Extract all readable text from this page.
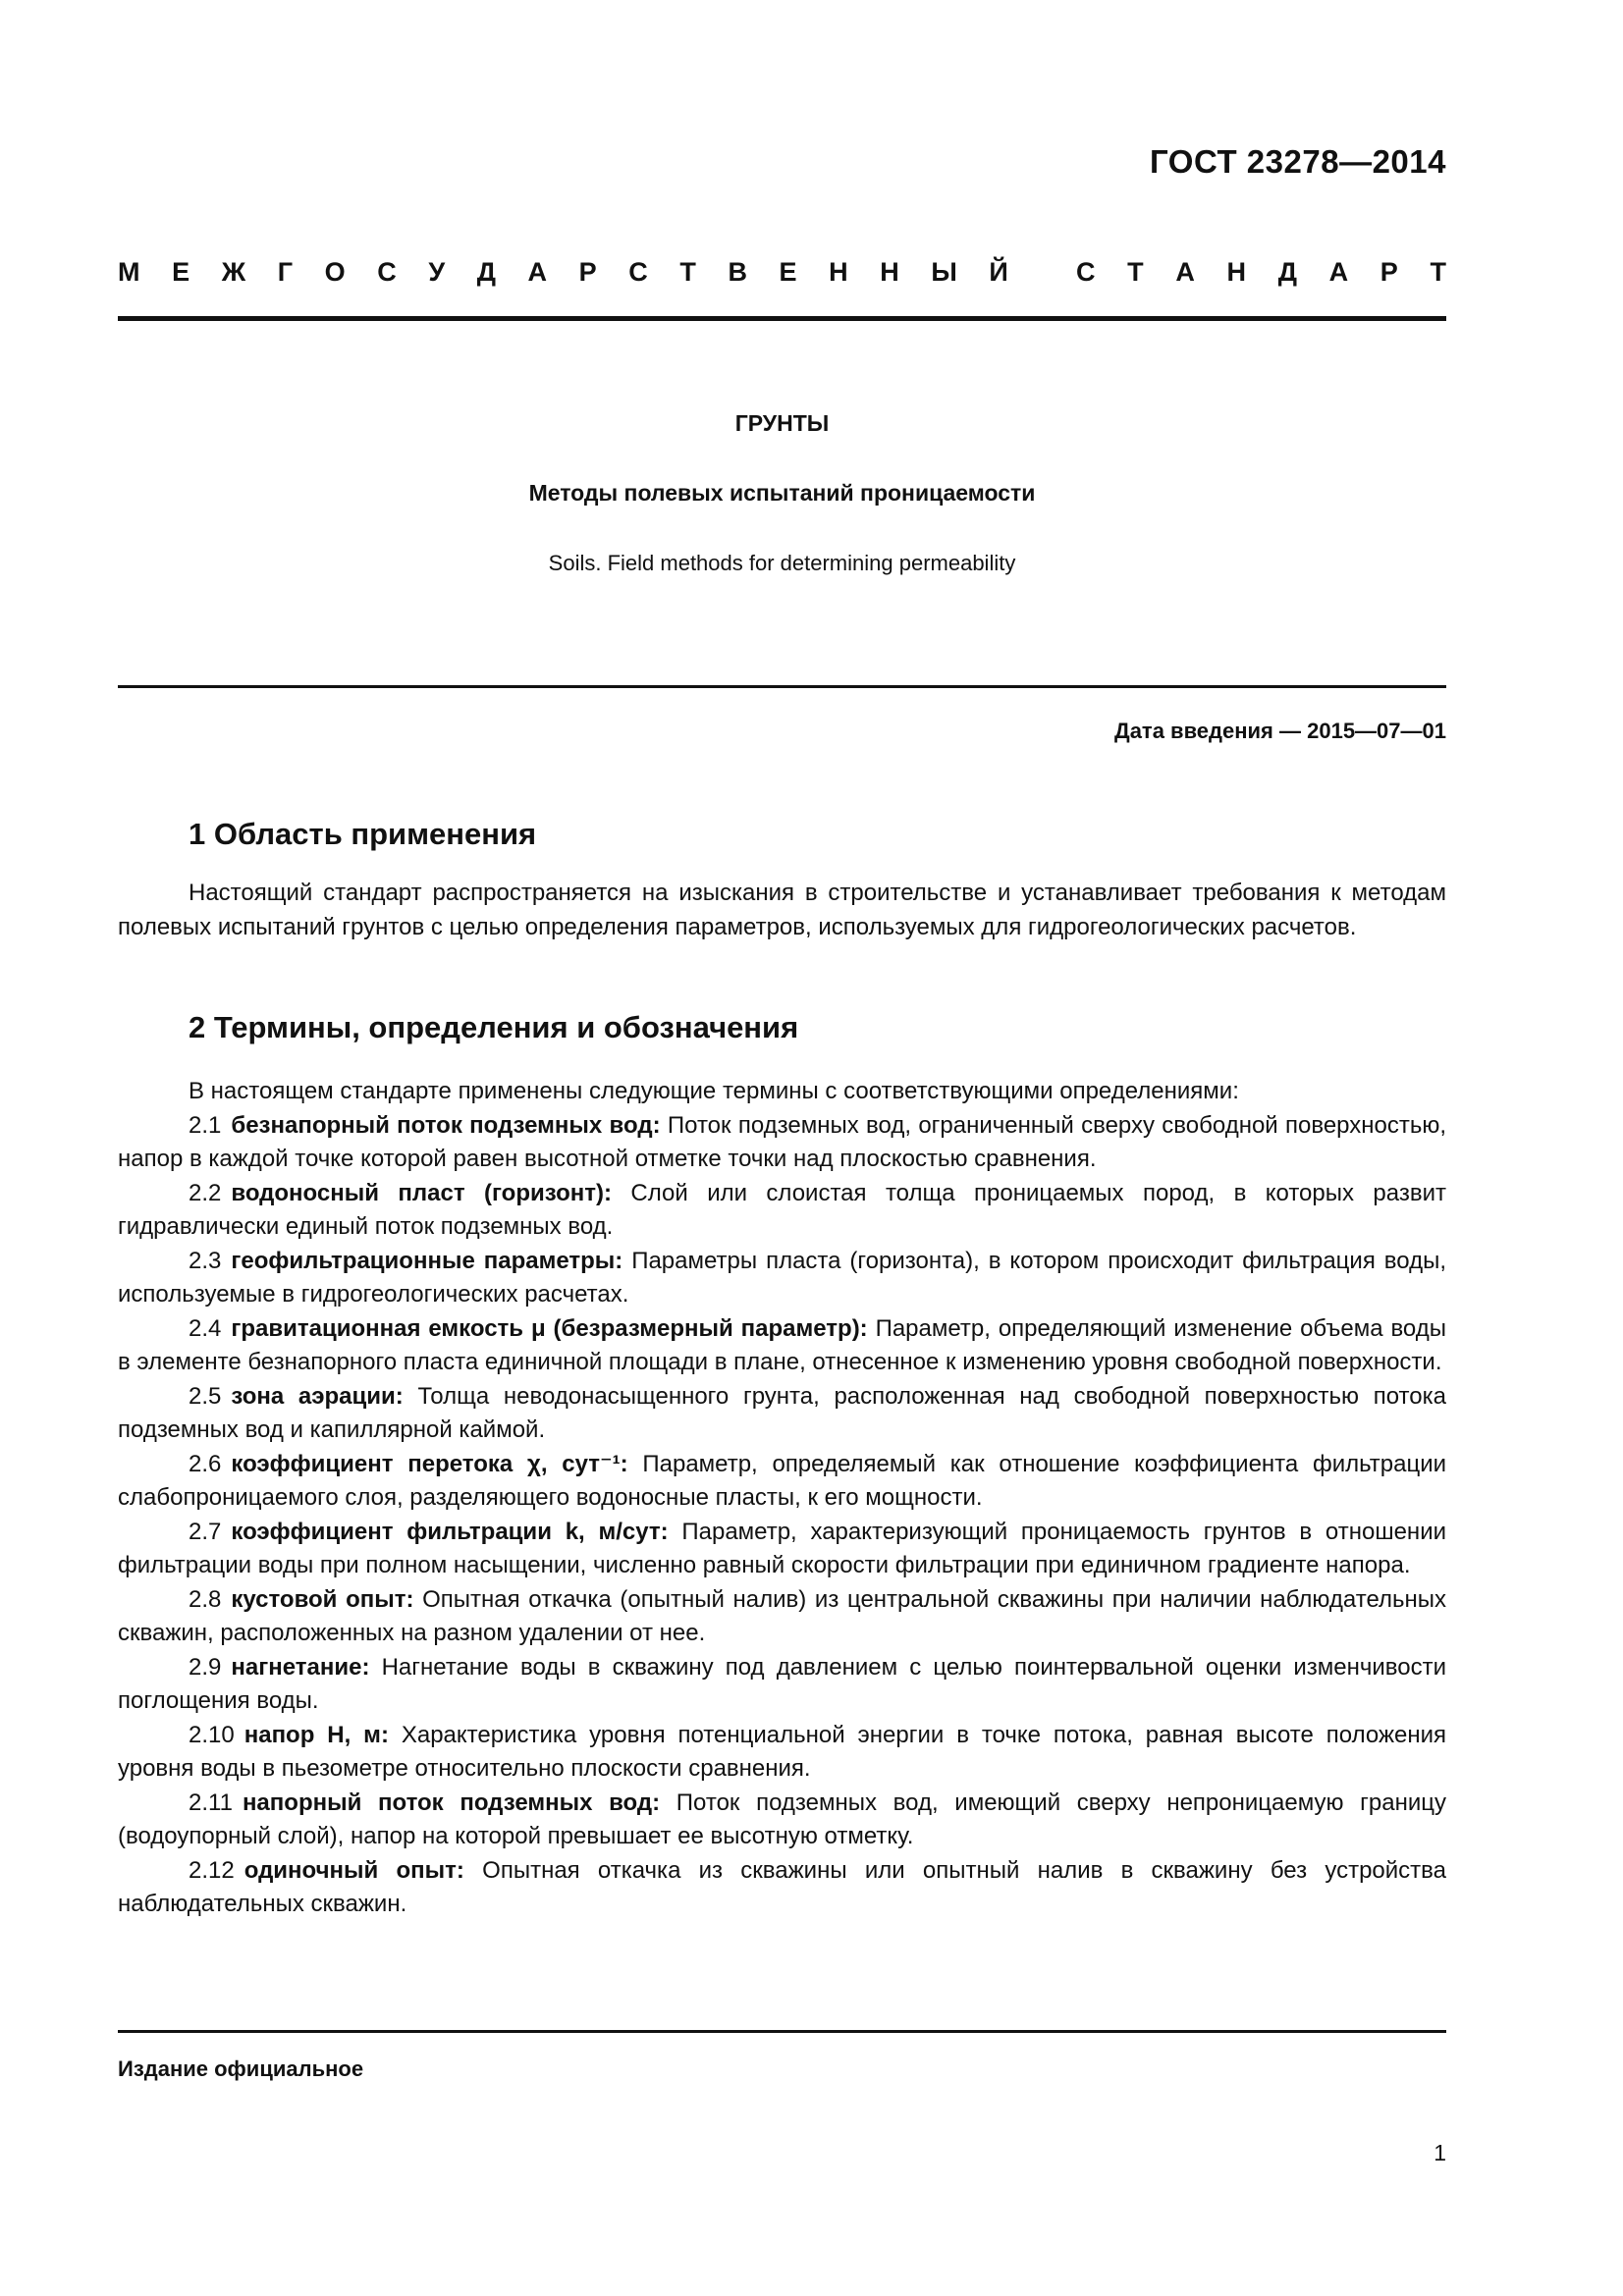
ГОСТ 23278—2014
М Е Ж Г О С У Д А Р С Т В Е Н Н Ы Й	С Т А Н Д А Р Т
ГРУНТЫ
Методы полевых испытаний проницаемости
Soils. Field methods for determining permeability
Дата введения — 2015—07—01
1 Область применения

Настоящий стандарт распространяется на изыскания в строительстве и устанавливает требования к методам полевых испытаний грунтов с целью определения параметров, используемых для гидрогеологических расчетов.

2 Термины, определения и обозначения

В настоящем стандарте применены следующие термины с соответствующими определениями:

2.1 безнапорный поток подземных вод: Поток подземных вод, ограниченный сверху свободной поверхностью, напор в каждой точке которой равен высотной отметке точки над плоскостью сравнения.

2.2 водоносный пласт (горизонт): Слой или слоистая толща проницаемых пород, в которых развит гидравлически единый поток подземных вод.

2.3 геофильтрационные параметры: Параметры пласта (горизонта), в котором происходит фильтрация воды, используемые в гидрогеологических расчетах.

2.4 гравитационная емкость μ (безразмерный параметр): Параметр, определяющий изменение объема воды в элементе безнапорного пласта единичной площади в плане, отнесенное к изменению уровня свободной поверхности.

2.5 зона аэрации: Толща неводонасыщенного грунта, расположенная над свободной поверхностью потока подземных вод и капиллярной каймой.

2.6 коэффициент перетока χ, сут⁻¹: Параметр, определяемый как отношение коэффициента фильтрации слабопроницаемого слоя, разделяющего водоносные пласты, к его мощности.

2.7 коэффициент фильтрации k, м/сут: Параметр, характеризующий проницаемость грунтов в отношении фильтрации воды при полном насыщении, численно равный скорости фильтрации при единичном градиенте напора.

2.8 кустовой опыт: Опытная откачка (опытный налив) из центральной скважины при наличии наблюдательных скважин, расположенных на разном удалении от нее.

2.9 нагнетание: Нагнетание воды в скважину под давлением с целью поинтервальной оценки изменчивости поглощения воды.

2.10 напор H, м: Характеристика уровня потенциальной энергии в точке потока, равная высоте положения уровня воды в пьезометре относительно плоскости сравнения.

2.11 напорный поток подземных вод: Поток подземных вод, имеющий сверху непроницаемую границу (водоупорный слой), напор на которой превышает ее высотную отметку.

2.12 одиночный опыт: Опытная откачка из скважины или опытный налив в скважину без устройства наблюдательных скважин.

Издание официальное
1
